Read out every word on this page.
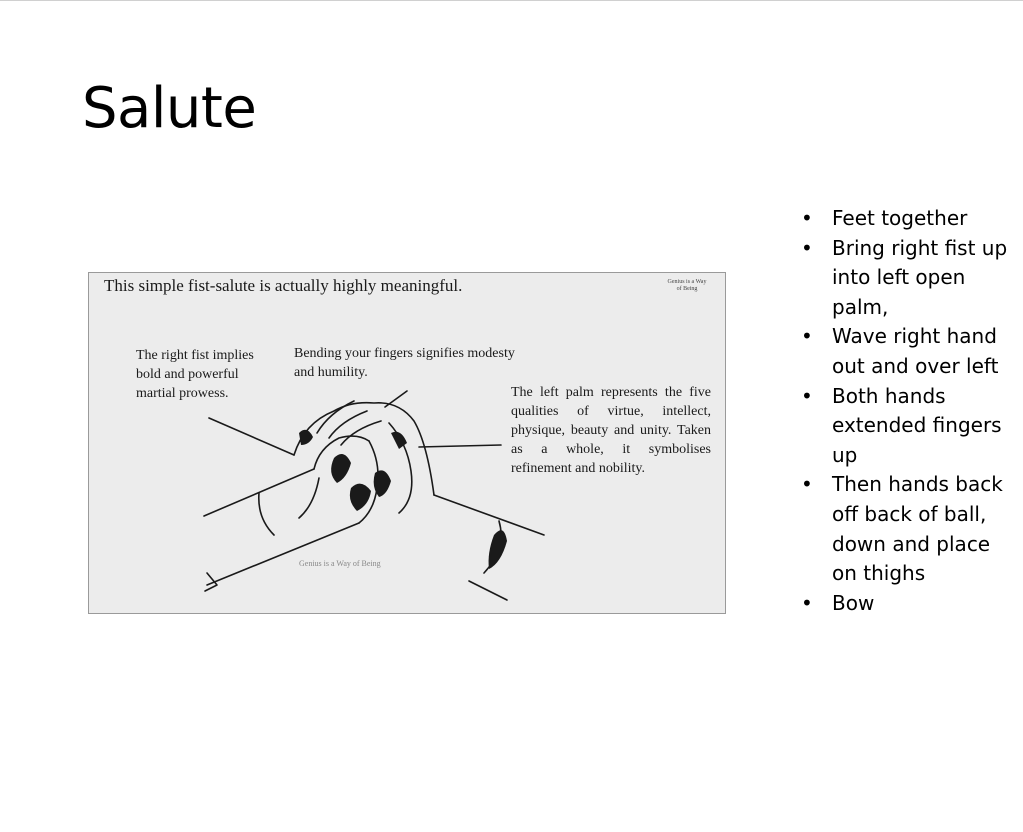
Salute
This simple fist-salute is actually highly meaningful.	Genius is a Way of Being
The right fist implies bold and powerful martial prowess.
Bending your fingers signifies modesty and humility.
The left palm represents the five qualities of virtue, intellect, physique, beauty and unity. Taken as a whole, it symbolises refinement and nobility.
Genius is a Way of Being
• Feet together
• Bring right fist up into left open palm,
• Wave right hand out and over left
• Both hands extended fingers up
• Then hands back off back of ball, down and place on thighs
• Bow
